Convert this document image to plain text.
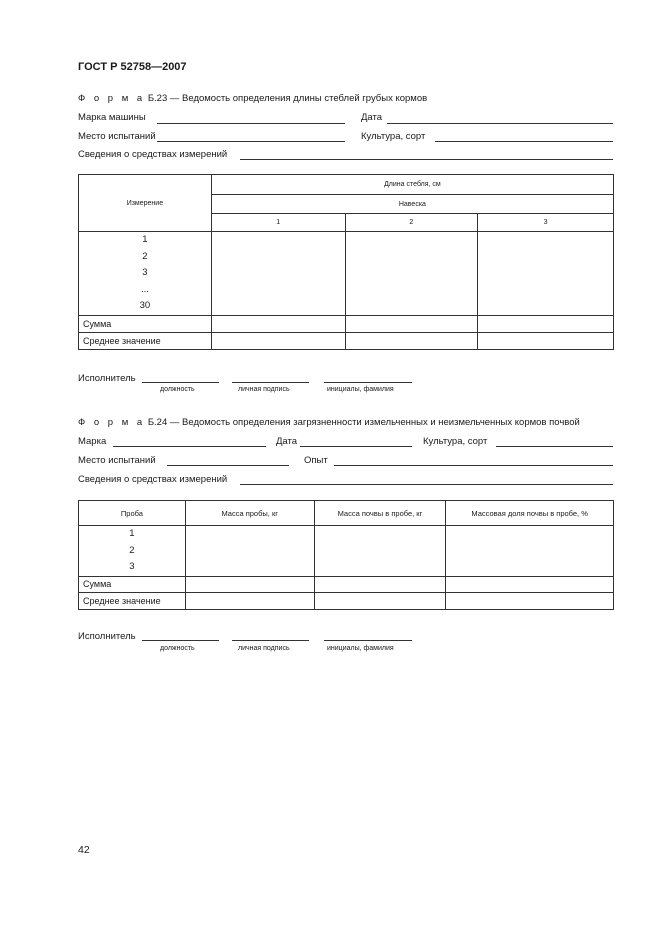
ГОСТ Р 52758—2007
Ф о р м а Б.23 — Ведомость определения длины стеблей грубых кормов
Марка машины	Дата
Место испытаний	Культура, сорт
Сведения о средствах измерений
Измерение	Длина стебля, см		
	Навеска		
	1	2	3

1
2
3
...
30			

Сумма			
Среднее значение			
Исполнитель
должность	личная подпись	инициалы, фамилия
Ф о р м а Б.24 — Ведомость определения загрязненности измельченных и неизмельченных кормов почвой
Марка	Дата	Культура, сорт
Место испытаний	Опыт
Сведения о средствах измерений
Проба	Масса пробы, кг	Масса почвы в пробе, кг	Массовая доля почвы в пробе, %

1
2
3			

Сумма			
Среднее значение			
Исполнитель
должность	личная подпись	инициалы, фамилия
42
